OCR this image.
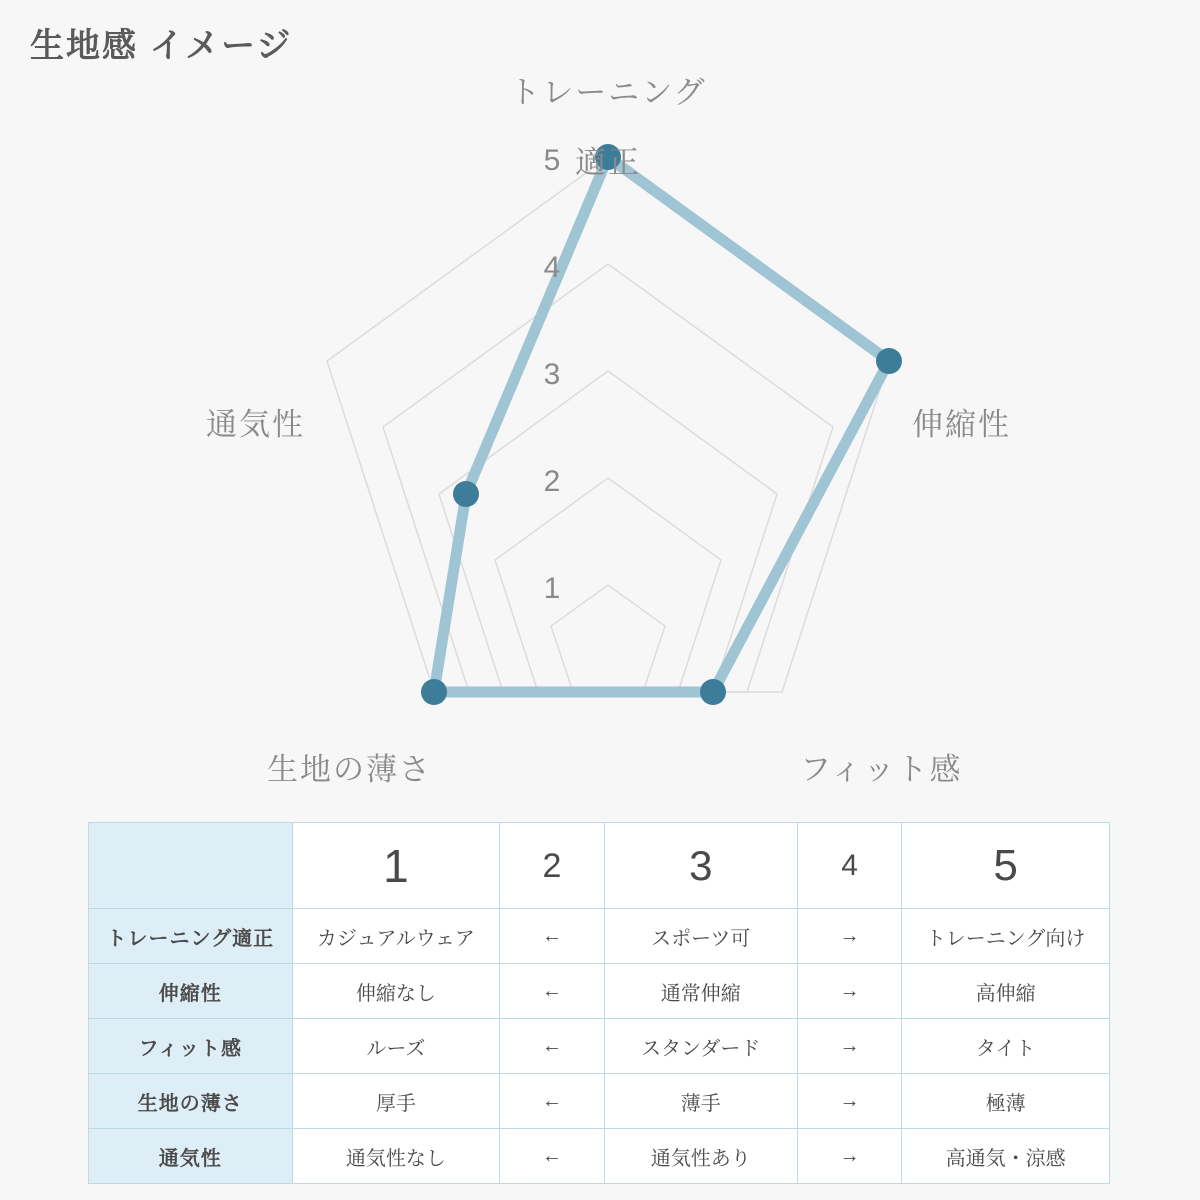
生地感 イメージ
5
4
3
2
1
トレーニング
適正
伸縮性
フィット感
生地の薄さ
通気性

	1	2	3	4	5

トレーニング適正	カジュアルウェア	←	スポーツ可	→	トレーニング向け
伸縮性	伸縮なし	←	通常伸縮	→	高伸縮
フィット感	ルーズ	←	スタンダード	→	タイト
生地の薄さ	厚手	←	薄手	→	極薄
通気性	通気性なし	←	通気性あり	→	高通気・涼感
